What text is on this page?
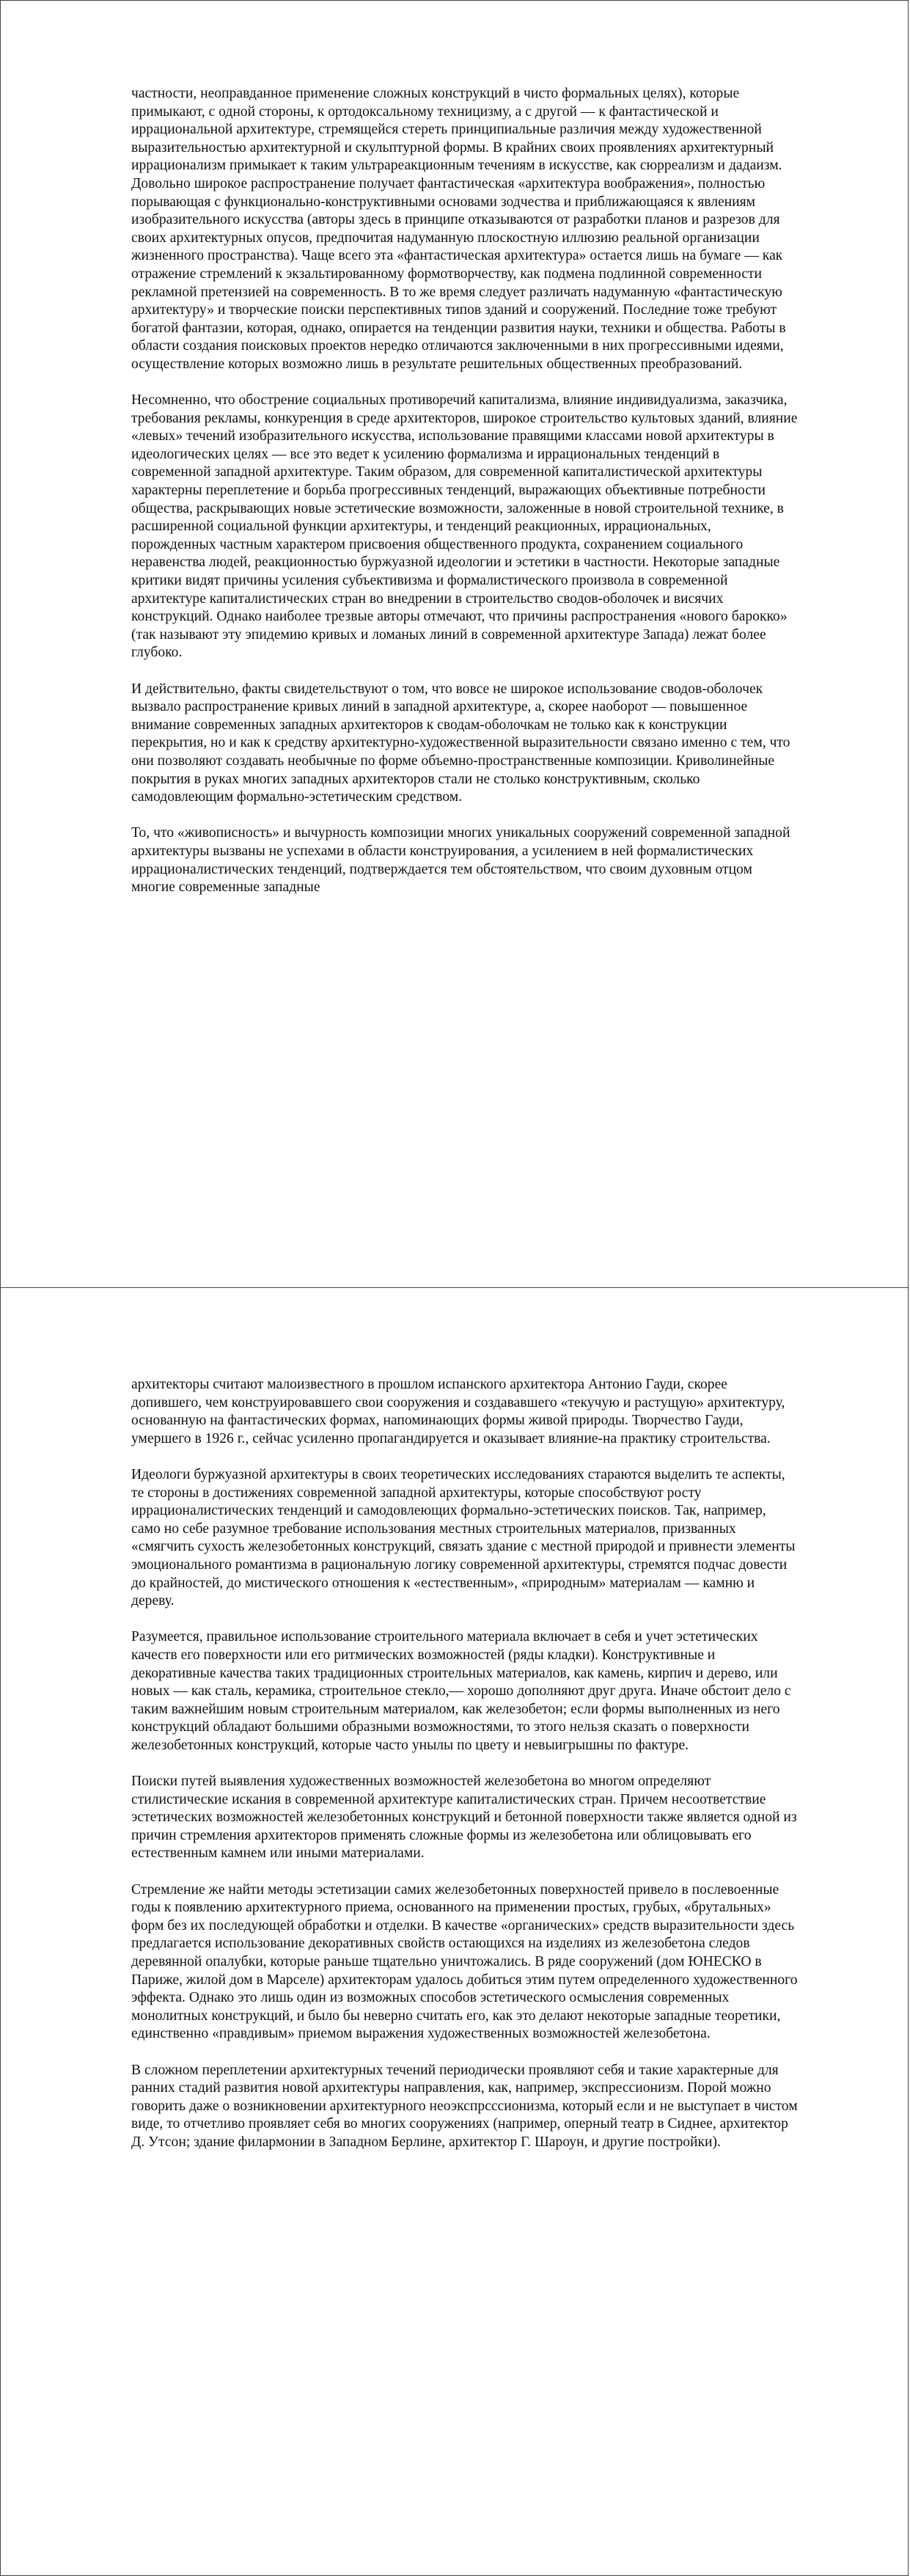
частности, неоправданное применение сложных конструкций в чисто формальных целях), которые примыкают, с одной стороны, к ортодоксальному техницизму, а с другой — к фантастической и иррациональной архитектуре, стремящейся стереть принципиальные различия между художественной выразительностью архитектурной и скульптурной формы. В крайних своих проявлениях архитектурный иррационализм примыкает к таким ультрареакционным течениям в искусстве, как сюрреализм и дадаизм. Довольно широкое распространение получает фантастическая «архитектура воображения», полностью порывающая с функционально-конструктивными основами зодчества и приближающаяся к явлениям изобразительного искусства (авторы здесь в принципе отказываются от разработки планов и разрезов для своих архитектурных опусов, предпочитая надуманную плоскостную иллюзию реальной организации жизненного пространства). Чаще всего эта «фантастическая архитектура» остается лишь на бумаге — как отражение стремлений к экзальтированному формотворчеству, как подмена подлинной современности рекламной претензией на современность. В то же время следует различать надуманную «фантастическую архитектуру» и творческие поиски перспективных типов зданий и сооружений. Последние тоже требуют богатой фантазии, которая, однако, опирается на тенденции развития науки, техники и общества. Работы в области создания поисковых проектов нередко отличаются заключенными в них прогрессивными идеями, осуществление которых возможно лишь в результате решительных общественных преобразований.

Несомненно, что обострение социальных противоречий капитализма, влияние индивидуализма, заказчика, требования рекламы, конкуренция в среде архитекторов, широкое строительство культовых зданий, влияние «левых» течений изобразительного искусства, использование правящими классами новой архитектуры в идеологических целях — все это ведет к усилению формализма и иррациональных тенденций в современной западной архитектуре. Таким образом, для современной капиталистической архитектуры характерны переплетение и борьба прогрессивных тенденций, выражающих объективные потребности общества, раскрывающих новые эстетические возможности, заложенные в новой строительной технике, в расширенной социальной функции архитектуры, и тенденций реакционных, иррациональных, порожденных частным характером присвоения общественного продукта, сохранением социального неравенства людей, реакционностью буржуазной идеологии и эстетики в частности. Некоторые западные критики видят причины усиления субъективизма и формалистического произвола в современной архитектуре капиталистических стран во внедрении в строительство сводов-оболочек и висячих конструкций. Однако наиболее трезвые авторы отмечают, что причины распространения «нового барокко» (так называют эту эпидемию кривых и ломаных линий в современной архитектуре Запада) лежат более глубоко.

И действительно, факты свидетельствуют о том, что вовсе не широкое использование сводов-оболочек вызвало распространение кривых линий в западной архитектуре, а, скорее наоборот — повышенное внимание современных западных архитекторов к сводам-оболочкам не только как к конструкции перекрытия, но и как к средству архитектурно-художественной выразительности связано именно с тем, что они позволяют создавать необычные по форме объемно-пространственные композиции. Криволинейные покрытия в руках многих западных архитекторов стали не столько конструктивным, сколько самодовлеющим формально-эстетическим средством.

То, что «живописность» и вычурность композиции многих уникальных сооружений современной западной архитектуры вызваны не успехами в области конструирования, а усилением в ней формалистических иррационалистических тенденций, подтверждается тем обстоятельством, что своим духовным отцом многие современные западные

архитекторы считают малоизвестного в прошлом испанского архитектора Антонио Гауди, скорее допившего, чем конструировавшего свои сооружения и создававшего «текучую и растущую» архитектуру, основанную на фантастических формах, напоминающих формы живой природы. Творчество Гауди, умершего в 1926 г., сейчас усиленно пропагандируется и оказывает влияние-на практику строительства.

Идеологи буржуазной архитектуры в своих теоретических исследованиях стараются выделить те аспекты, те стороны в достижениях современной западной архитектуры, которые способствуют росту иррационалистических тенденций и самодовлеющих формально-эстетических поисков. Так, например, само но себе разумное требование использования местных строительных материалов, призванных «смягчить сухость железобетонных конструкций, связать здание с местной природой и привнести элементы эмоционального романтизма в рациональную логику современной архитектуры, стремятся подчас довести до крайностей, до мистического отношения к «естественным», «природным» материалам — камню и дереву.

Разумеется, правильное использование строительного материала включает в себя и учет эстетических качеств его поверхности или его ритмических возможностей (ряды кладки). Конструктивные и декоративные качества таких традиционных строительных материалов, как камень, кирпич и дерево, или новых — как сталь, керамика, строительное стекло,— хорошо дополняют друг друга. Иначе обстоит дело с таким важнейшим новым строительным материалом, как железобетон; если формы выполненных из него конструкций обладают большими образными возможностями, то этого нельзя сказать о поверхности железобетонных конструкций, которые часто унылы по цвету и невыигрышны по фактуре.

Поиски путей выявления художественных возможностей железобетона во многом определяют стилистические искания в современной архитектуре капиталистических стран. Причем несоответствие эстетических возможностей железобетонных конструкций и бетонной поверхности также является одной из причин стремления архитекторов применять сложные формы из железобетона или облицовывать его естественным камнем или иными материалами.

Стремление же найти методы эстетизации самих железобетонных поверхностей привело в послевоенные годы к появлению архитектурного приема, основанного на применении простых, грубых, «брутальных» форм без их последующей обработки и отделки. В качестве «органических» средств выразительности здесь предлагается использование декоративных свойств остающихся на изделиях из железобетона следов деревянной опалубки, которые раньше тщательно уничтожались. В ряде сооружений (дом ЮНЕСКО в Париже, жилой дом в Марселе) архитекторам удалось добиться этим путем определенного художественного эффекта. Однако это лишь один из возможных способов эстетического осмысления современных монолитных конструкций, и было бы неверно считать его, как это делают некоторые западные теоретики, единственно «правдивым» приемом выражения художественных возможностей железобетона.

В сложном переплетении архитектурных течений периодически проявляют себя и такие характерные для ранних стадий развития новой архитектуры направления, как, например, экспрессионизм. Порой можно говорить даже о возникновении архитектурного неоэкспрсссионизма, который если и не выступает в чистом виде, то отчетливо проявляет себя во многих сооружениях (например, оперный театр в Сиднее, архитектор Д. Утсон; здание филармонии в Западном Берлине, архитектор Г. Шароун, и другие постройки).
